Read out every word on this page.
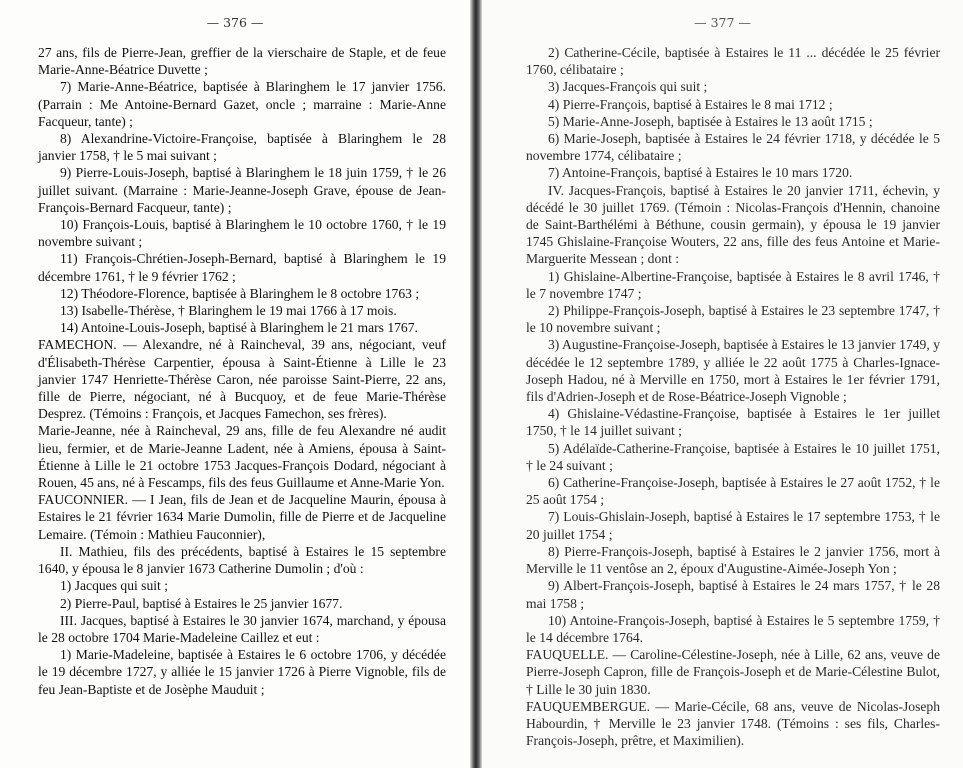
— 376 —

27 ans, fils de Pierre-Jean, greffier de la vierschaire de Staple, et de feue Marie-Anne-Béatrice Duvette ;

7) Marie-Anne-Béatrice, baptisée à Blaringhem le 17 janvier 1756. (Parrain : Me Antoine-Bernard Gazet, oncle ; marraine : Marie-Anne Facqueur, tante) ;

8) Alexandrine-Victoire-Françoise, baptisée à Blaringhem le 28 janvier 1758, † le 5 mai suivant ;

9) Pierre-Louis-Joseph, baptisé à Blaringhem le 18 juin 1759, † le 26 juillet suivant. (Marraine : Marie-Jeanne-Joseph Grave, épouse de Jean-François-Bernard Facqueur, tante) ;

10) François-Louis, baptisé à Blaringhem le 10 octobre 1760, † le 19 novembre suivant ;

11) François-Chrétien-Joseph-Bernard, baptisé à Blaringhem le 19 décembre 1761, † le 9 février 1762 ;

12) Théodore-Florence, baptisée à Blaringhem le 8 octobre 1763 ;

13) Isabelle-Thérèse, † Blaringhem le 19 mai 1766 à 17 mois.

14) Antoine-Louis-Joseph, baptisé à Blaringhem le 21 mars 1767.

FAMECHON. — Alexandre, né à Raincheval, 39 ans, négociant, veuf d'Élisabeth-Thérèse Carpentier, épousa à Saint-Étienne à Lille le 23 janvier 1747 Henriette-Thérèse Caron, née paroisse Saint-Pierre, 22 ans, fille de Pierre, négociant, né à Bucquoy, et de feue Marie-Thérèse Desprez. (Témoins : François, et Jacques Famechon, ses frères).

Marie-Jeanne, née à Raincheval, 29 ans, fille de feu Alexandre né audit lieu, fermier, et de Marie-Jeanne Ladent, née à Amiens, épousa à Saint-Étienne à Lille le 21 octobre 1753 Jacques-François Dodard, négociant à Rouen, 45 ans, né à Fescamps, fils des feus Guillaume et Anne-Marie Yon.

FAUCONNIER. — I Jean, fils de Jean et de Jacqueline Maurin, épousa à Estaires le 21 février 1634 Marie Dumolin, fille de Pierre et de Jacqueline Lemaire. (Témoin : Mathieu Fauconnier),

II. Mathieu, fils des précédents, baptisé à Estaires le 15 septembre 1640, y épousa le 8 janvier 1673 Catherine Dumolin ; d'où :

1) Jacques qui suit ;

2) Pierre-Paul, baptisé à Estaires le 25 janvier 1677.

III. Jacques, baptisé à Estaires le 30 janvier 1674, marchand, y épousa le 28 octobre 1704 Marie-Madeleine Caillez et eut :

1) Marie-Madeleine, baptisée à Estaires le 6 octobre 1706, y décédée le 19 décembre 1727, y alliée le 15 janvier 1726 à Pierre Vignoble, fils de feu Jean-Baptiste et de Josèphe Mauduit ;

— 377 —

2) Catherine-Cécile, baptisée à Estaires le 11 ... décédée le 25 février 1760, célibataire ;

3) Jacques-François qui suit ;

4) Pierre-François, baptisé à Estaires le 8 mai 1712 ;

5) Marie-Anne-Joseph, baptisée à Estaires le 13 août 1715 ;

6) Marie-Joseph, baptisée à Estaires le 24 février 1718, y décédée le 5 novembre 1774, célibataire ;

7) Antoine-François, baptisé à Estaires le 10 mars 1720.

IV. Jacques-François, baptisé à Estaires le 20 janvier 1711, échevin, y décédé le 30 juillet 1769. (Témoin : Nicolas-François d'Hennin, chanoine de Saint-Barthélémi à Béthune, cousin germain), y épousa le 19 janvier 1745 Ghislaine-Françoise Wouters, 22 ans, fille des feus Antoine et Marie-Marguerite Messean ; dont :

1) Ghislaine-Albertine-Françoise, baptisée à Estaires le 8 avril 1746, † le 7 novembre 1747 ;

2) Philippe-François-Joseph, baptisé à Estaires le 23 septembre 1747, † le 10 novembre suivant ;

3) Augustine-Françoise-Joseph, baptisée à Estaires le 13 janvier 1749, y décédée le 12 septembre 1789, y alliée le 22 août 1775 à Charles-Ignace-Joseph Hadou, né à Merville en 1750, mort à Estaires le 1er février 1791, fils d'Adrien-Joseph et de Rose-Béatrice-Joseph Vignoble ;

4) Ghislaine-Védastine-Françoise, baptisée à Estaires le 1er juillet 1750, † le 14 juillet suivant ;

5) Adélaïde-Catherine-Françoise, baptisée à Estaires le 10 juillet 1751, † le 24 suivant ;

6) Catherine-Françoise-Joseph, baptisée à Estaires le 27 août 1752, † le 25 août 1754 ;

7) Louis-Ghislain-Joseph, baptisé à Estaires le 17 septembre 1753, † le 20 juillet 1754 ;

8) Pierre-François-Joseph, baptisé à Estaires le 2 janvier 1756, mort à Merville le 11 ventôse an 2, époux d'Augustine-Aimée-Joseph Yon ;

9) Albert-François-Joseph, baptisé à Estaires le 24 mars 1757, † le 28 mai 1758 ;

10) Antoine-François-Joseph, baptisé à Estaires le 5 septembre 1759, † le 14 décembre 1764.

FAUQUELLE. — Caroline-Célestine-Joseph, née à Lille, 62 ans, veuve de Pierre-Joseph Capron, fille de François-Joseph et de Marie-Célestine Bulot, † Lille le 30 juin 1830.

FAUQUEMBERGUE. — Marie-Cécile, 68 ans, veuve de Nicolas-Joseph Habourdin, † Merville le 23 janvier 1748. (Témoins : ses fils, Charles-François-Joseph, prêtre, et Maximilien).
